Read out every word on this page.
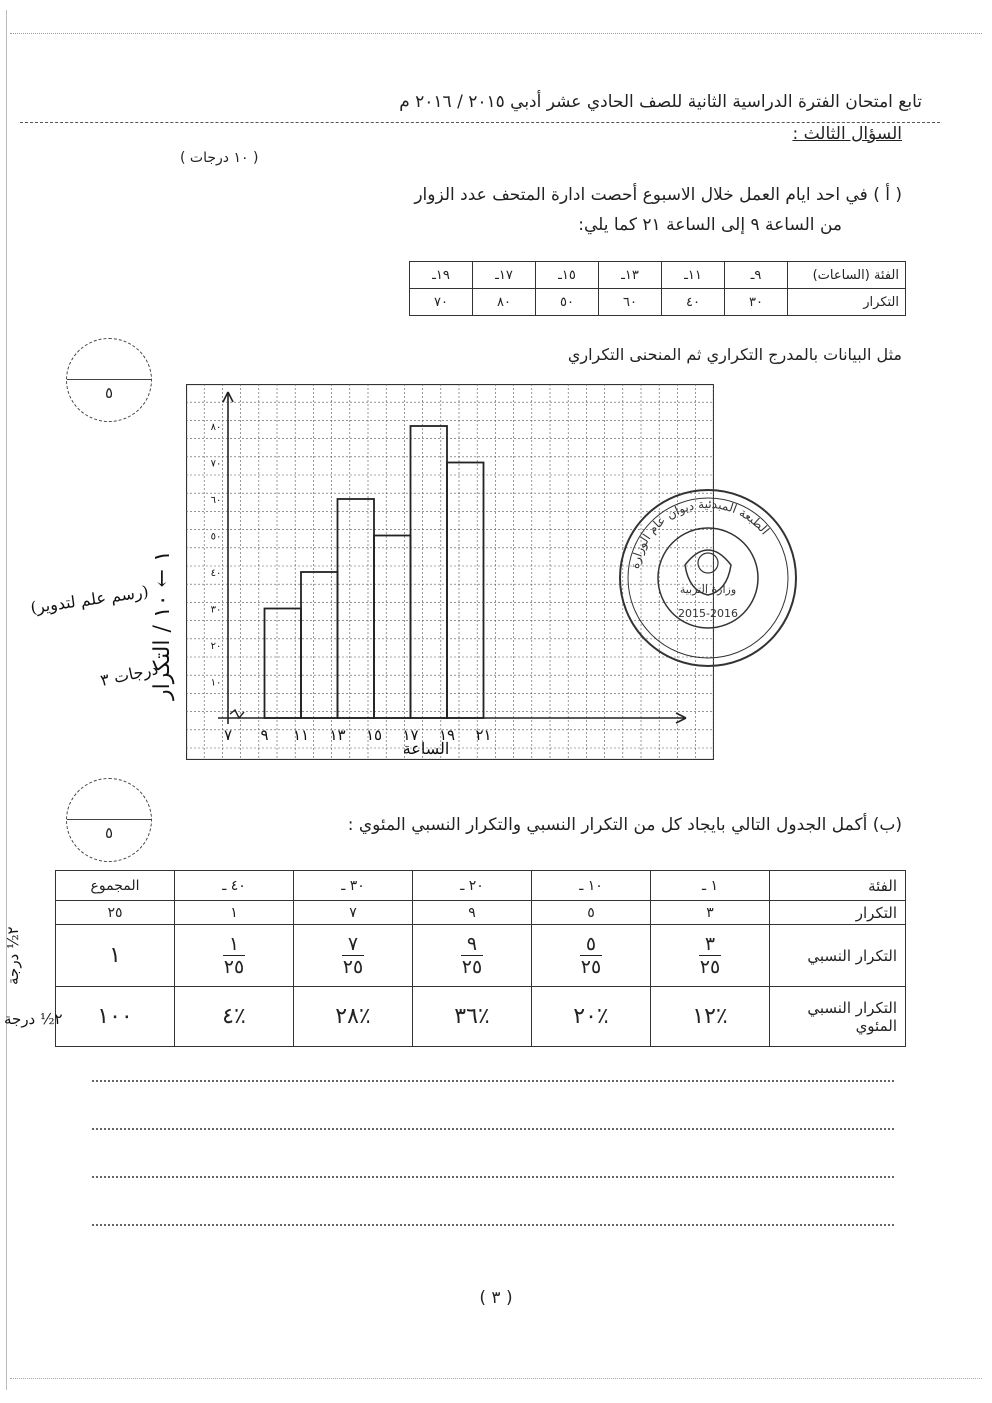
تابع امتحان الفترة الدراسية الثانية للصف الحادي عشر أدبي ٢٠١٥ / ٢٠١٦ م
السؤال الثالث :
( ١٠ درجات )
( أ ) في احد ايام العمل خلال الاسبوع أحصت ادارة المتحف عدد الزوار
من الساعة ٩ إلى الساعة ٢١ كما يلي:
الفئة (الساعات)	٩ـ	١١ـ	١٣ـ	١٥ـ	١٧ـ	١٩ـ
التكرار	٣٠	٤٠	٦٠	٥٠	٨٠	٧٠
مثل البيانات بالمدرج التكراري ثم المنحنى التكراري
٥
٧ ٩ ١١ ١٣ ١٥ ١٧ ١٩ ٢١
١٠
٢٠
٣٠
٤٠
٥٠
٦٠
٧٠
٨٠
الساعة
الطبعة المبدئية ديوان عام الوزارة
وزارة التربية
2015-2016
١ ← ١٠ / التكرار
(رسم علم لتدوير)
درجات ٣
٥	(ب) أكمل الجدول التالي بايجاد كل من التكرار النسبي والتكرار النسبي المئوي :
الفئة	١ ـ	١٠ ـ	٢٠ ـ	٣٠ ـ	٤٠ ـ	المجموع
التكرار	٣	٥	٩	٧	١	٢٥
التكرار النسبي	$\frac{٣}{٢٥}$	$\frac{٥}{٢٥}$	$\frac{٩}{٢٥}$	$\frac{٧}{٢٥}$	$\frac{١}{٢٥}$	١
التكرار النسبي المئوي	٪١٢	٪٢٠	٪٣٦	٪٢٨	٪٤	١٠٠
٢½ درجة
٢½ درجة
( ٣ )
